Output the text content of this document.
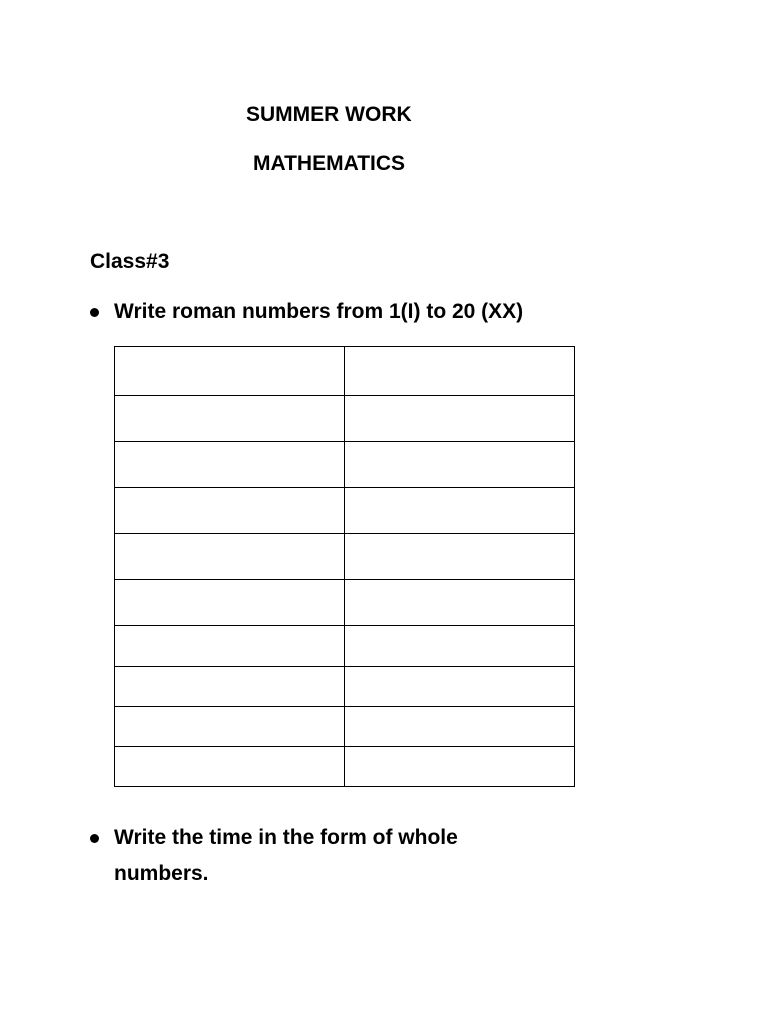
SUMMER WORK
MATHEMATICS
Class#3
Write roman numbers from 1(I) to 20 (XX)

Write the time in the form of whole numbers.
